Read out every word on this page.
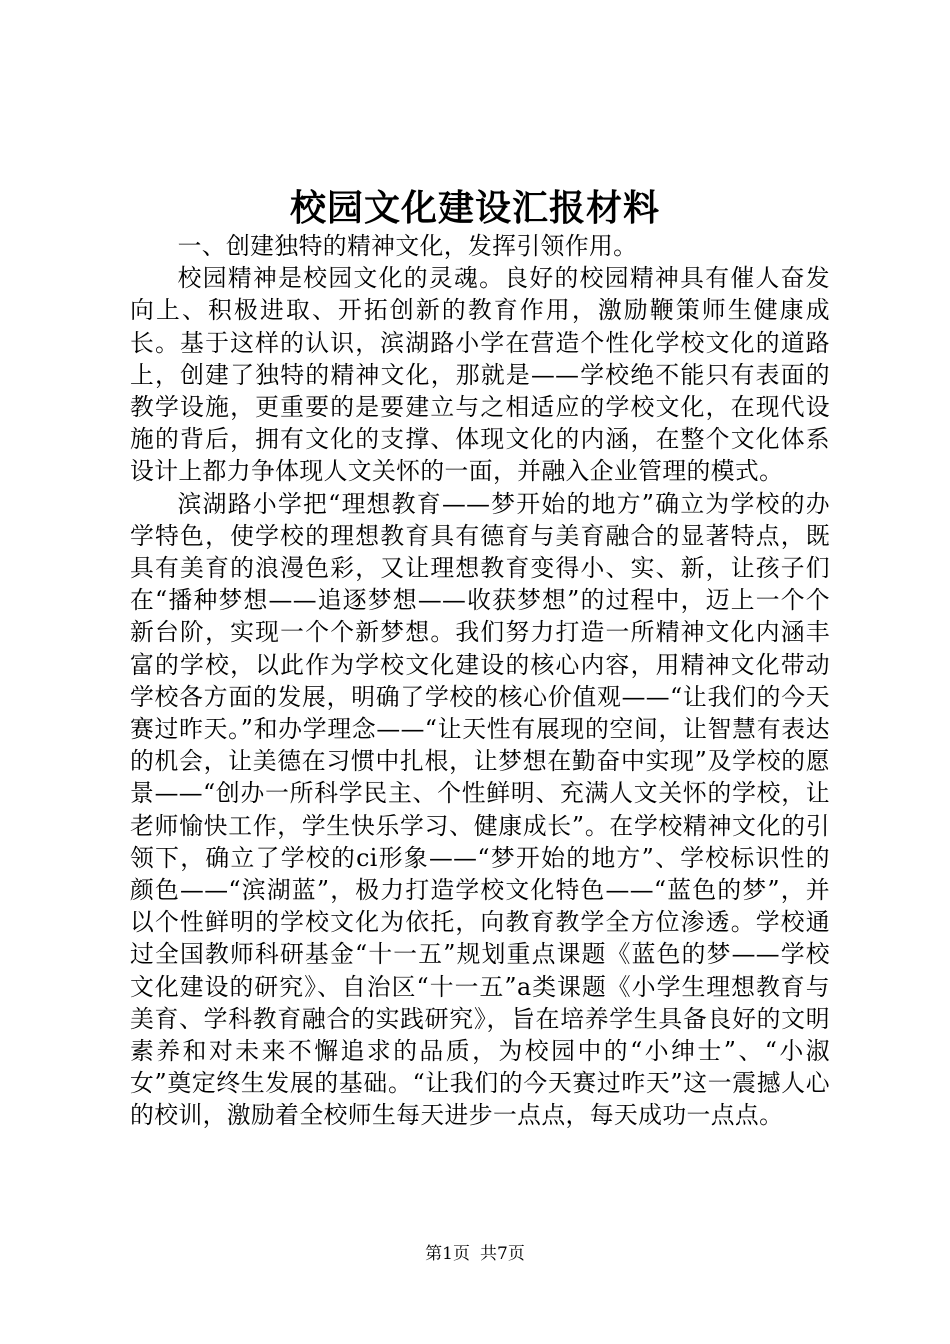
校园文化建设汇报材料

一、创建独特的精神文化，发挥引领作用。

校园精神是校园文化的灵魂。良好的校园精神具有催人奋发向上、积极进取、开拓创新的教育作用，激励鞭策师生健康成长。基于这样的认识，滨湖路小学在营造个性化学校文化的道路上，创建了独特的精神文化，那就是——学校绝不能只有表面的教学设施，更重要的是要建立与之相适应的学校文化，在现代设施的背后，拥有文化的支撑、体现文化的内涵，在整个文化体系设计上都力争体现人文关怀的一面，并融入企业管理的模式。

滨湖路小学把“理想教育——梦开始的地方”确立为学校的办学特色，使学校的理想教育具有德育与美育融合的显著特点，既具有美育的浪漫色彩，又让理想教育变得小、实、新，让孩子们在“播种梦想——追逐梦想——收获梦想”的过程中，迈上一个个新台阶，实现一个个新梦想。我们努力打造一所精神文化内涵丰富的学校，以此作为学校文化建设的核心内容，用精神文化带动学校各方面的发展，明确了学校的核心价值观——“让我们的今天赛过昨天。”和办学理念——“让天性有展现的空间，让智慧有表达的机会，让美德在习惯中扎根，让梦想在勤奋中实现”及学校的愿景——“创办一所科学民主、个性鲜明、充满人文关怀的学校，让老师愉快工作，学生快乐学习、健康成长”。在学校精神文化的引领下，确立了学校的ci形象——“梦开始的地方”、学校标识性的颜色——“滨湖蓝”，极力打造学校文化特色——“蓝色的梦”，并以个性鲜明的学校文化为依托，向教育教学全方位渗透。学校通过全国教师科研基金“十一五”规划重点课题《蓝色的梦——学校文化建设的研究》、自治区“十一五”a类课题《小学生理想教育与美育、学科教育融合的实践研究》，旨在培养学生具备良好的文明素养和对未来不懈追求的品质，为校园中的“小绅士”、“小淑女”奠定终生发展的基础。“让我们的今天赛过昨天”这一震撼人心的校训，激励着全校师生每天进步一点点，每天成功一点点。

第1页 共7页
